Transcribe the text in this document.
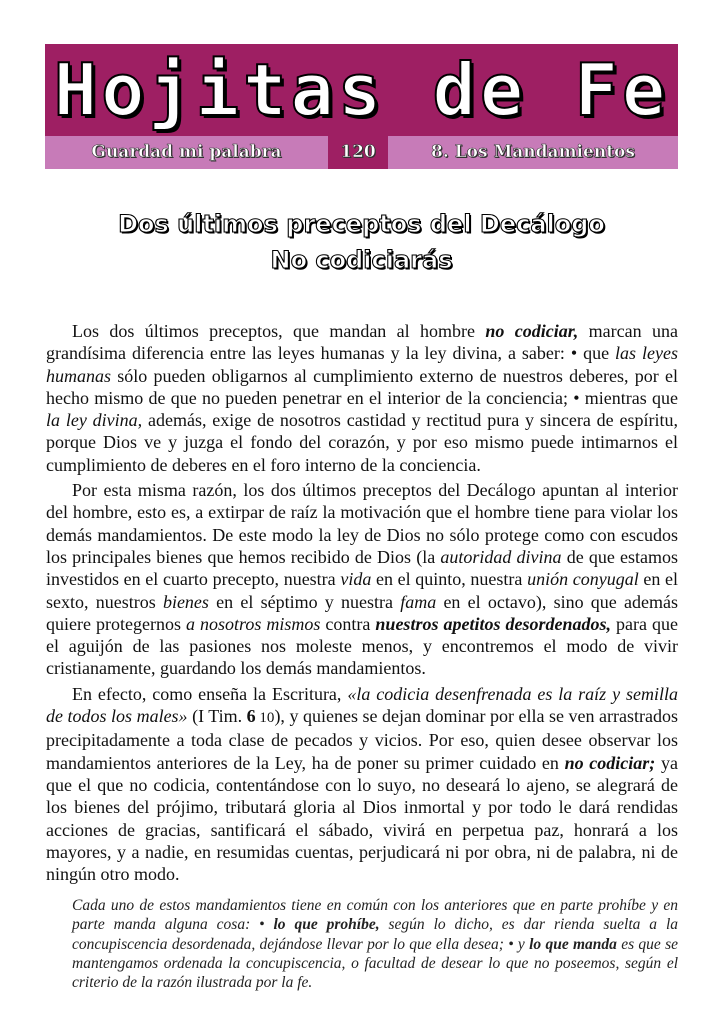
Hojitas de Fe
Guardad mi palabra	120	8. Los Mandamientos
Dos últimos preceptos del Decálogo
No codiciarás

Los dos últimos preceptos, que mandan al hombre no codiciar, marcan una grandísima diferencia entre las leyes humanas y la ley divina, a saber: • que las leyes humanas sólo pueden obligarnos al cumplimiento externo de nuestros deberes, por el hecho mismo de que no pueden penetrar en el interior de la conciencia; • mientras que la ley divina, además, exige de nosotros castidad y rectitud pura y sincera de espíritu, porque Dios ve y juzga el fondo del corazón, y por eso mismo puede intimarnos el cumplimiento de deberes en el foro interno de la conciencia.

Por esta misma razón, los dos últimos preceptos del Decálogo apuntan al interior del hombre, esto es, a extirpar de raíz la motivación que el hombre tiene para violar los demás mandamientos. De este modo la ley de Dios no sólo protege como con escudos los principales bienes que hemos recibido de Dios (la autoridad divina de que estamos investidos en el cuarto precepto, nuestra vida en el quinto, nuestra unión conyugal en el sexto, nuestros bienes en el séptimo y nuestra fama en el octavo), sino que además quiere protegernos a nosotros mismos contra nuestros apetitos desordenados, para que el aguijón de las pasiones nos moleste menos, y encontremos el modo de vivir cristianamente, guardando los demás mandamientos.

En efecto, como enseña la Escritura, «la codicia desenfrenada es la raíz y semilla de todos los males» (I Tim. 6 10), y quienes se dejan dominar por ella se ven arrastrados precipitadamente a toda clase de pecados y vicios. Por eso, quien desee observar los mandamientos anteriores de la Ley, ha de poner su primer cuidado en no codiciar; ya que el que no codicia, contentándose con lo suyo, no deseará lo ajeno, se alegrará de los bienes del prójimo, tributará gloria al Dios inmortal y por todo le dará rendidas acciones de gracias, santificará el sábado, vivirá en perpetua paz, honrará a los mayores, y a nadie, en resumidas cuentas, perjudicará ni por obra, ni de palabra, ni de ningún otro modo.

Cada uno de estos mandamientos tiene en común con los anteriores que en parte prohíbe y en parte manda alguna cosa: • lo que prohíbe, según lo dicho, es dar rienda suelta a la concupiscencia desordenada, dejándose llevar por lo que ella desea; • y lo que manda es que se mantengamos ordenada la concupiscencia, o facultad de desear lo que no poseemos, según el criterio de la razón ilustrada por la fe.
